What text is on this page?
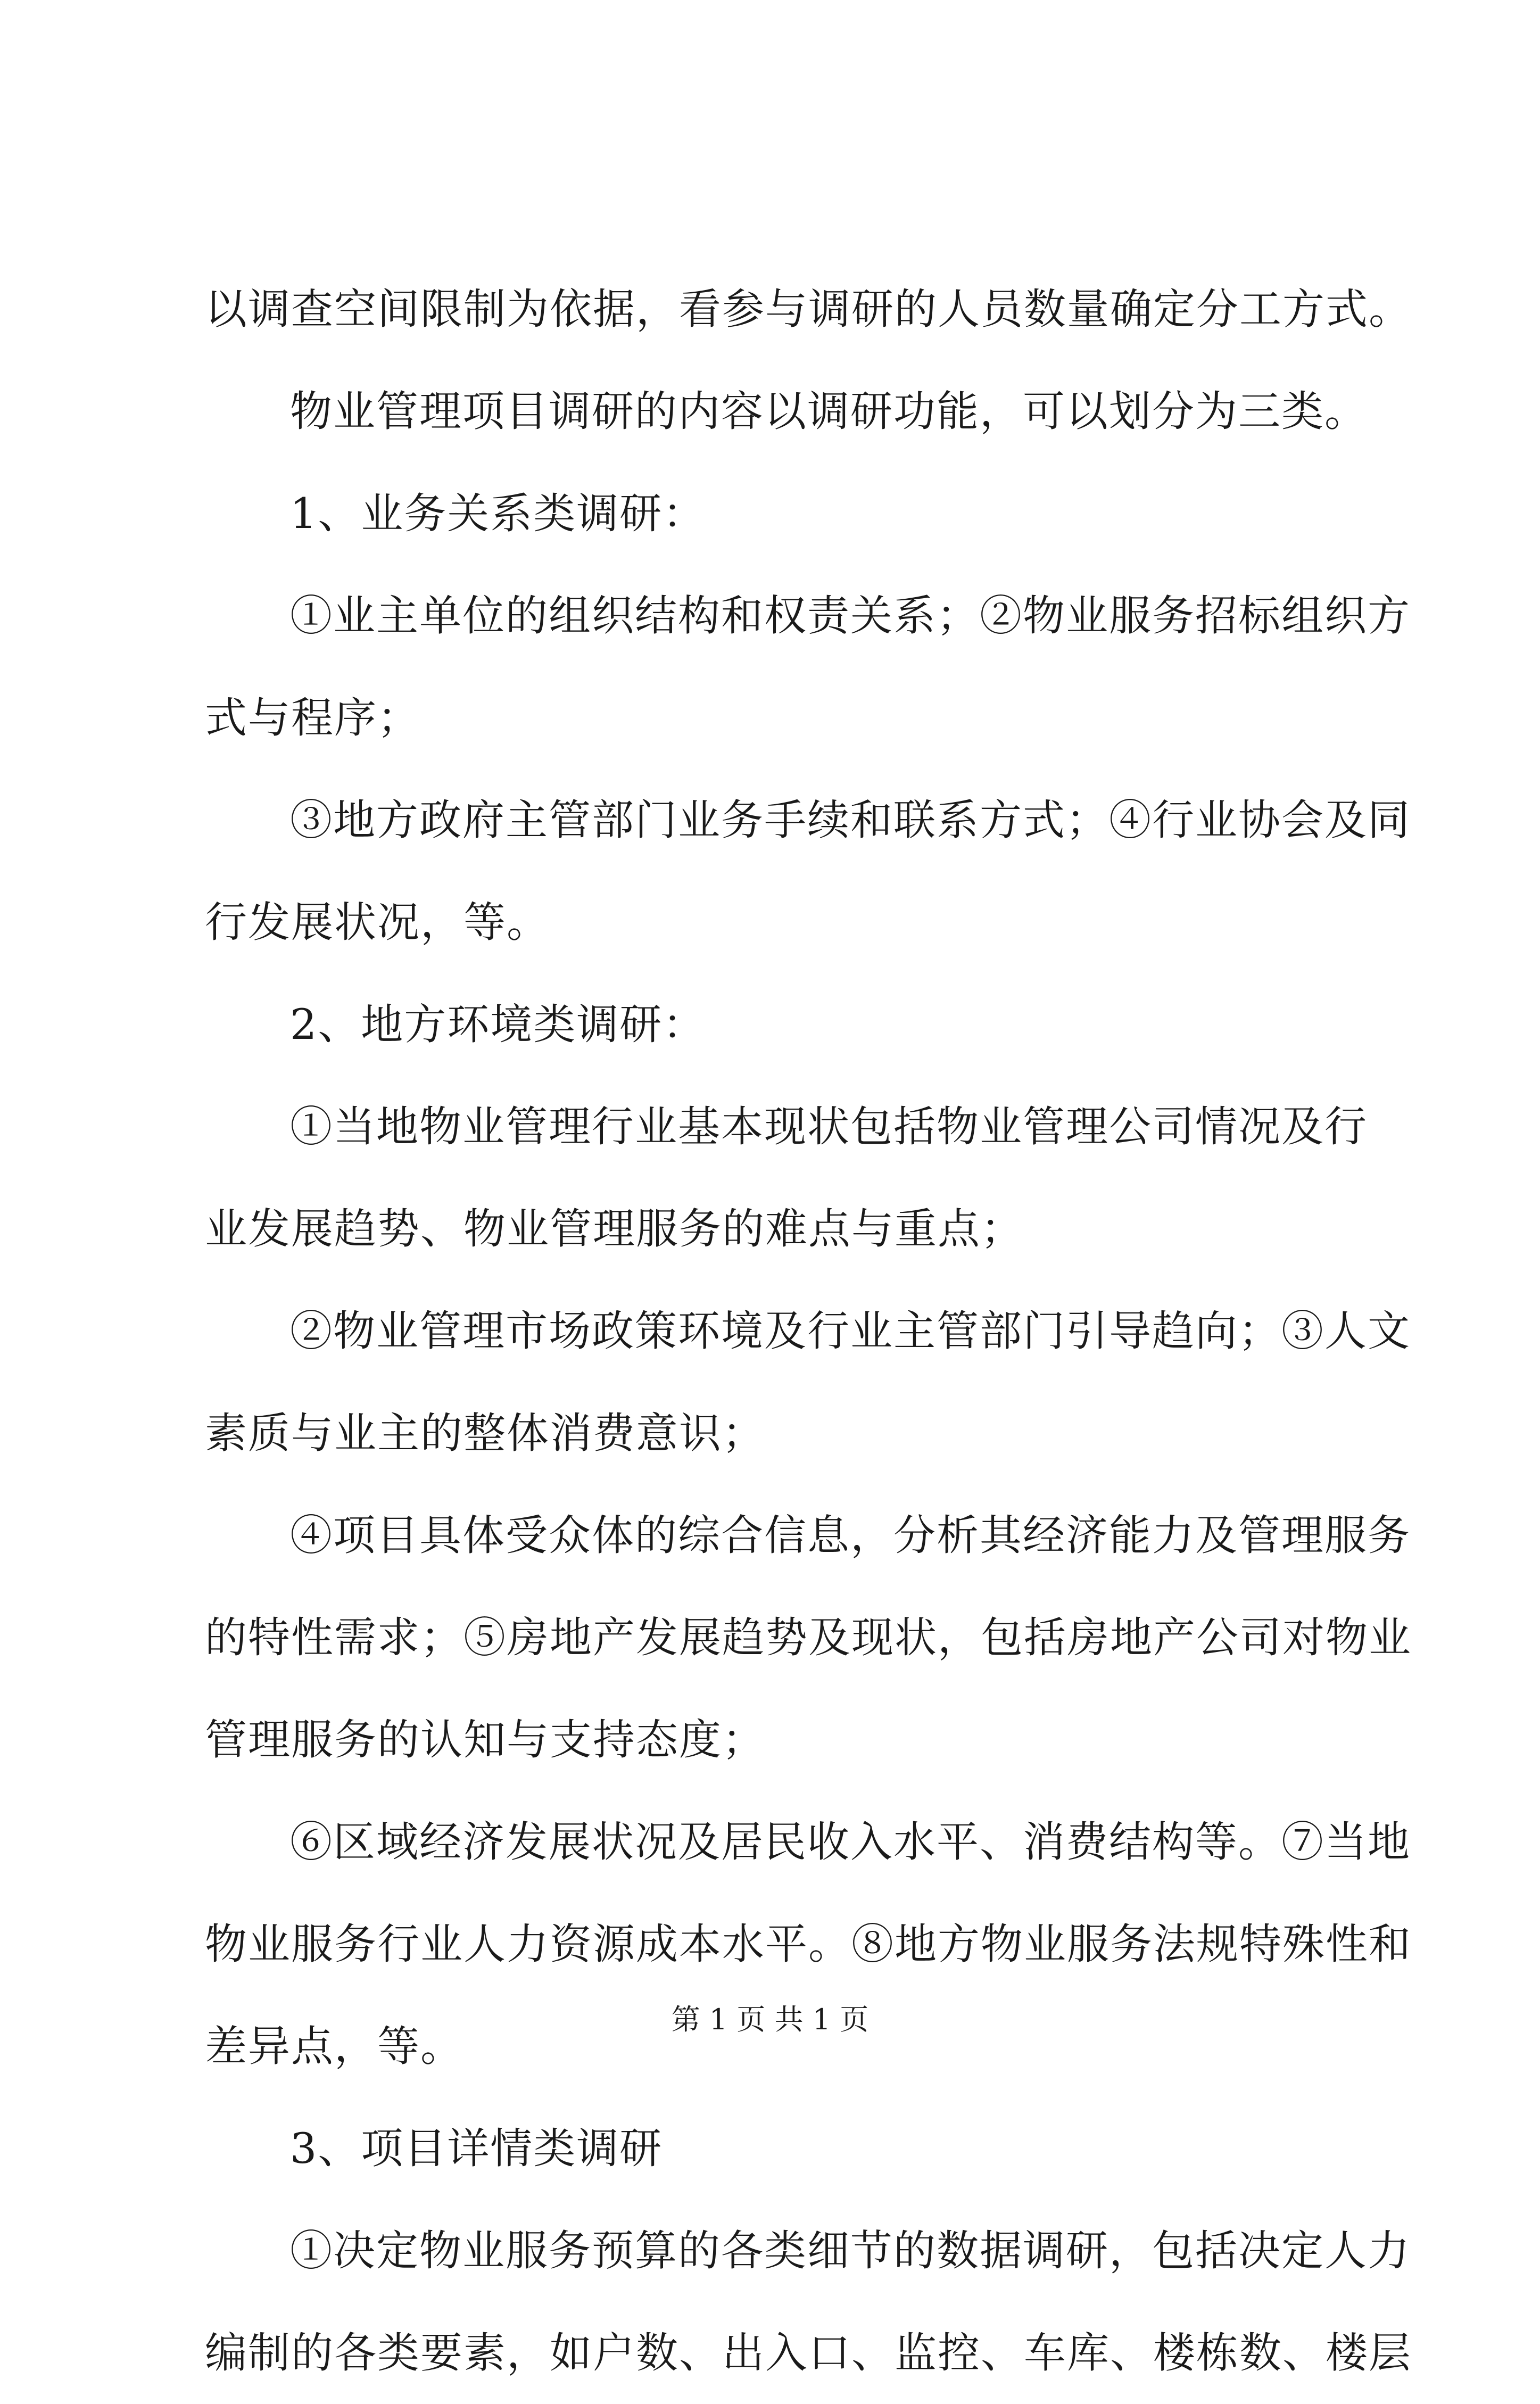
以调查空间限制为依据，看参与调研的人员数量确定分工方式。
物业管理项目调研的内容以调研功能，可以划分为三类。
1、业务关系类调研：
①业主单位的组织结构和权责关系；②物业服务招标组织方
式与程序；
③地方政府主管部门业务手续和联系方式；④行业协会及同
行发展状况，等。
2、地方环境类调研：
①当地物业管理行业基本现状包括物业管理公司情况及行
业发展趋势、物业管理服务的难点与重点；
②物业管理市场政策环境及行业主管部门引导趋向；③人文
素质与业主的整体消费意识；
④项目具体受众体的综合信息，分析其经济能力及管理服务
的特性需求；⑤房地产发展趋势及现状，包括房地产公司对物业
管理服务的认知与支持态度；
⑥区域经济发展状况及居民收入水平、消费结构等。⑦当地
物业服务行业人力资源成本水平。⑧地方物业服务法规特殊性和
差异点，等。
3、项目详情类调研
①决定物业服务预算的各类细节的数据调研，包括决定人力
编制的各类要素，如户数、出入口、监控、车库、楼栋数、楼层
第 1 页 共 1 页
